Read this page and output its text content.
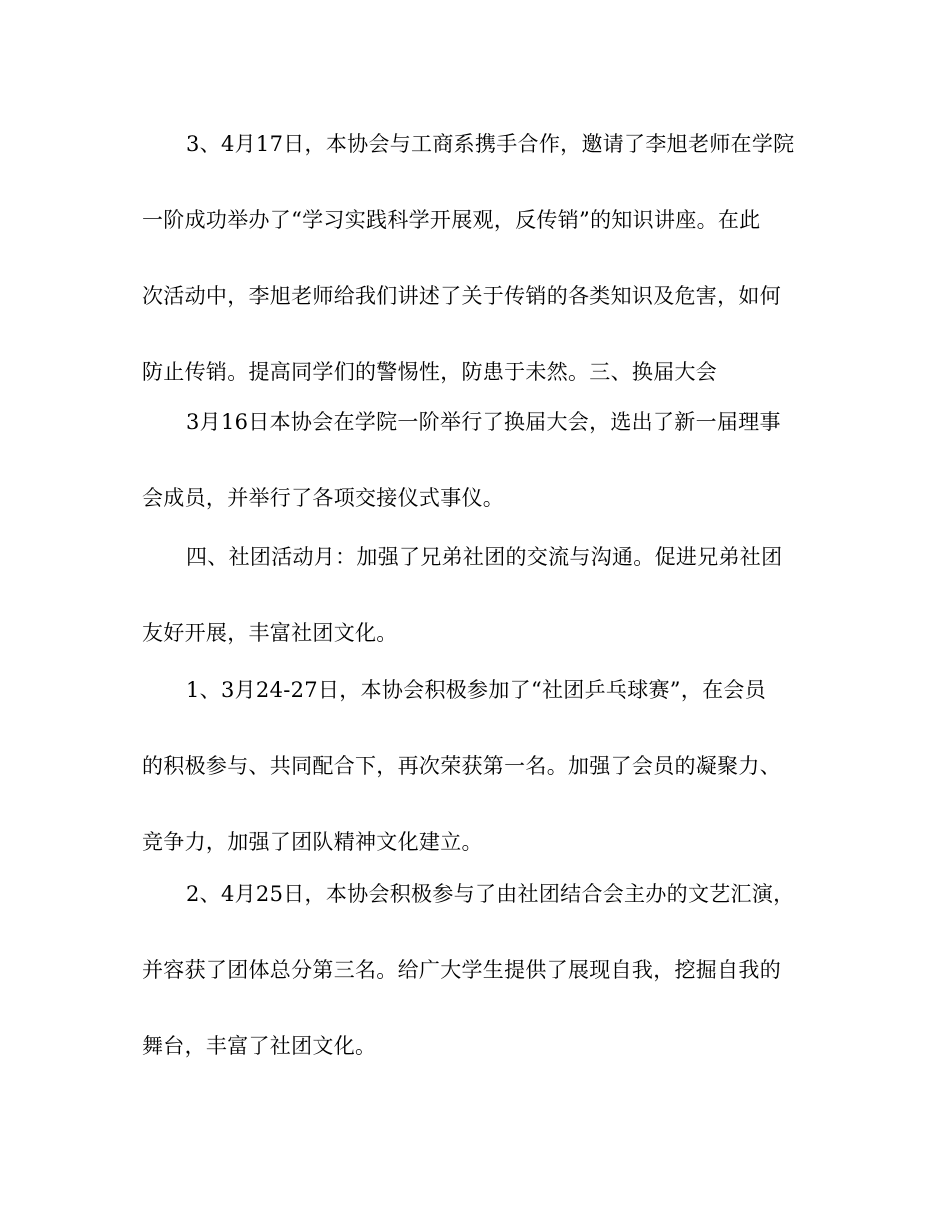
3、4月17日，本协会与工商系携手合作，邀请了李旭老师在学院
一阶成功举办了“学习实践科学开展观，反传销”的知识讲座。在此
次活动中，李旭老师给我们讲述了关于传销的各类知识及危害，如何
防止传销。提高同学们的警惕性，防患于未然。三、换届大会

3月16日本协会在学院一阶举行了换届大会，选出了新一届理事
会成员，并举行了各项交接仪式事仪。

四、社团活动月：加强了兄弟社团的交流与沟通。促进兄弟社团
友好开展，丰富社团文化。

1、3月24-27日，本协会积极参加了“社团乒乓球赛”，在会员
的积极参与、共同配合下，再次荣获第一名。加强了会员的凝聚力、
竞争力，加强了团队精神文化建立。

2、4月25日，本协会积极参与了由社团结合会主办的文艺汇演，
并容获了团体总分第三名。给广大学生提供了展现自我，挖掘自我的
舞台，丰富了社团文化。
